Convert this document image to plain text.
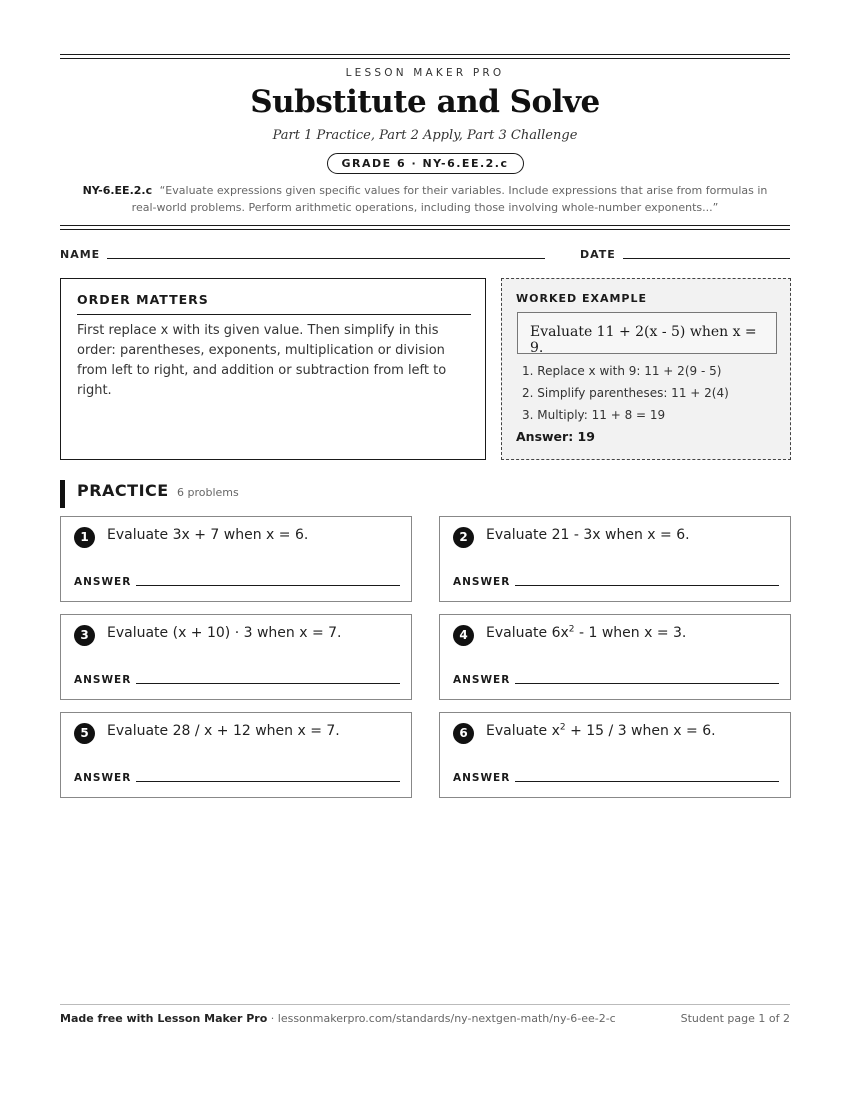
LESSON MAKER PRO
Substitute and Solve
Part 1 Practice, Part 2 Apply, Part 3 Challenge
GRADE 6 · NY-6.EE.2.c
NY-6.EE.2.c “Evaluate expressions given specific values for their variables. Include expressions that arise from formulas in real-world problems. Perform arithmetic operations, including those involving whole-number exponents...”
NAME	DATE
ORDER MATTERS
First replace x with its given value. Then simplify in this order: parentheses, exponents, multiplication or division from left to right, and addition or subtraction from left to right.
WORKED EXAMPLE
Evaluate 11 + 2(x - 5) when x = 9.
1. Replace x with 9: 11 + 2(9 - 5)
2. Simplify parentheses: 11 + 2(4)
3. Multiply: 11 + 8 = 19
Answer: 19
PRACTICE 6 problems
1	Evaluate 3x + 7 when x = 6.
ANSWER
2	Evaluate 21 - 3x when x = 6.
ANSWER
3	Evaluate (x + 10) · 3 when x = 7.
ANSWER
4	Evaluate $6x^2 - 1$ when x = 3.
ANSWER
5	Evaluate 28 / x + 12 when x = 7.
ANSWER
6	Evaluate $x^2 + 15 / 3$ when x = 6.
ANSWER
Made free with Lesson Maker Pro · lessonmakerpro.com/standards/ny-nextgen-math/ny-6-ee-2-c	Student page 1 of 2
